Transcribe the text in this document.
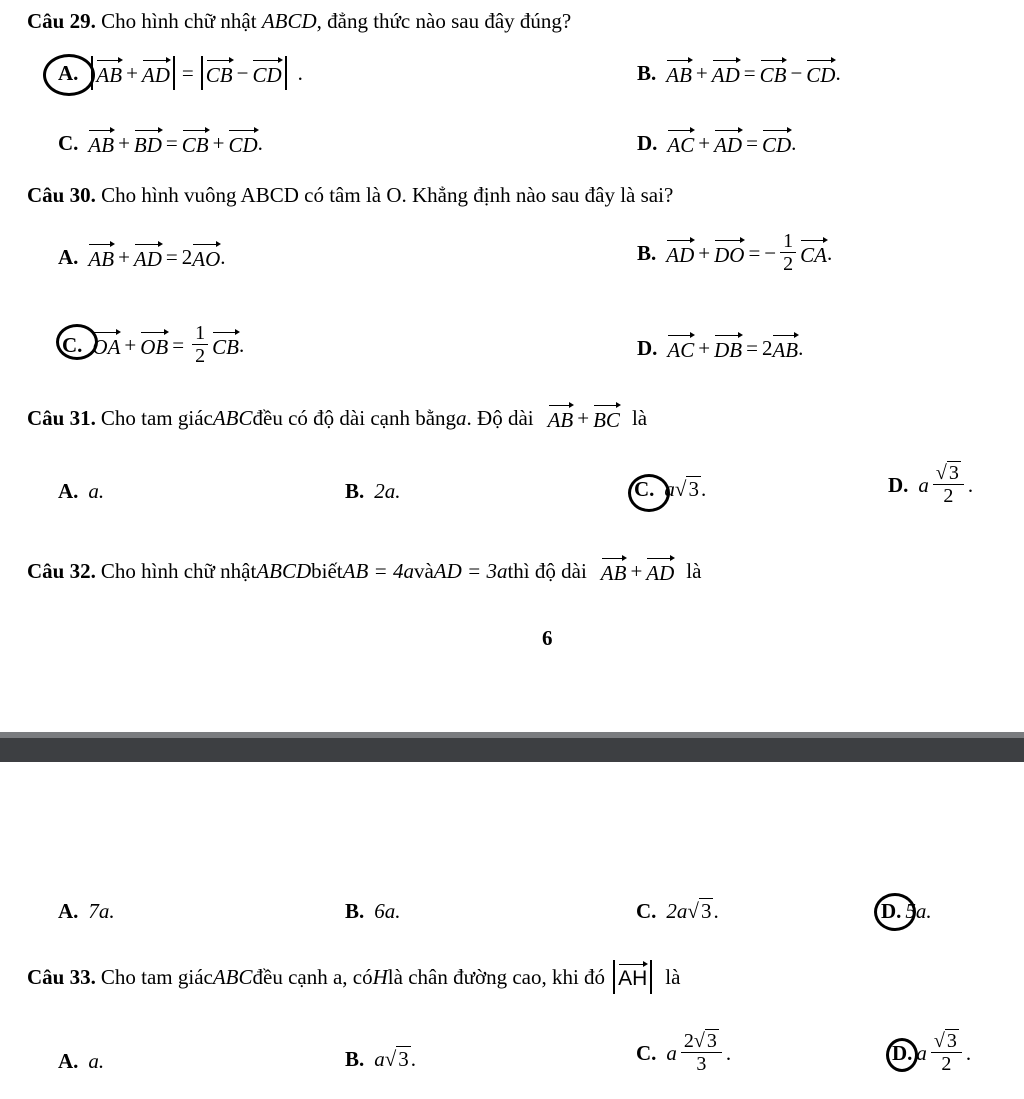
Câu 29. Cho hình chữ nhật ABCD, đẳng thức nào sau đây đúng?
A. AB + AD = CB − CD .	B. AB + AD = CB − CD .
C. AB + BD = CB + CD .	D. AC + AD = CD .
Câu 30. Cho hình vuông ABCD có tâm là O. Khẳng định nào sau đây là sai?
A. AB + AD = 2 AO .	B. AD + DO = − $\frac{1}{2}$ CA .
C. OA + OB = $\frac{1}{2}$ CB .	D. AC + DB = 2 AB .
Câu 31. Cho tam giác ABC đều có độ dài cạnh bằng a . Độ dài AB + BC là
A. a.	B. 2a.	C. a √3 .	D. a $\frac{√ 3}{2}$ .
Câu 32. Cho hình chữ nhật ABCD biết AB = 4a và AD = 3a thì độ dài AB + AD là
6
A. 7a.	B. 6a.	C. 2a √3 .	D. 5a.
Câu 33. Cho tam giác ABC đều cạnh a, có H là chân đường cao, khi đó AH là
A. a.	B. a √3 .	C. a $\frac{2√ 3}{3}$ .	D. a $\frac{√ 3}{2}$ .
